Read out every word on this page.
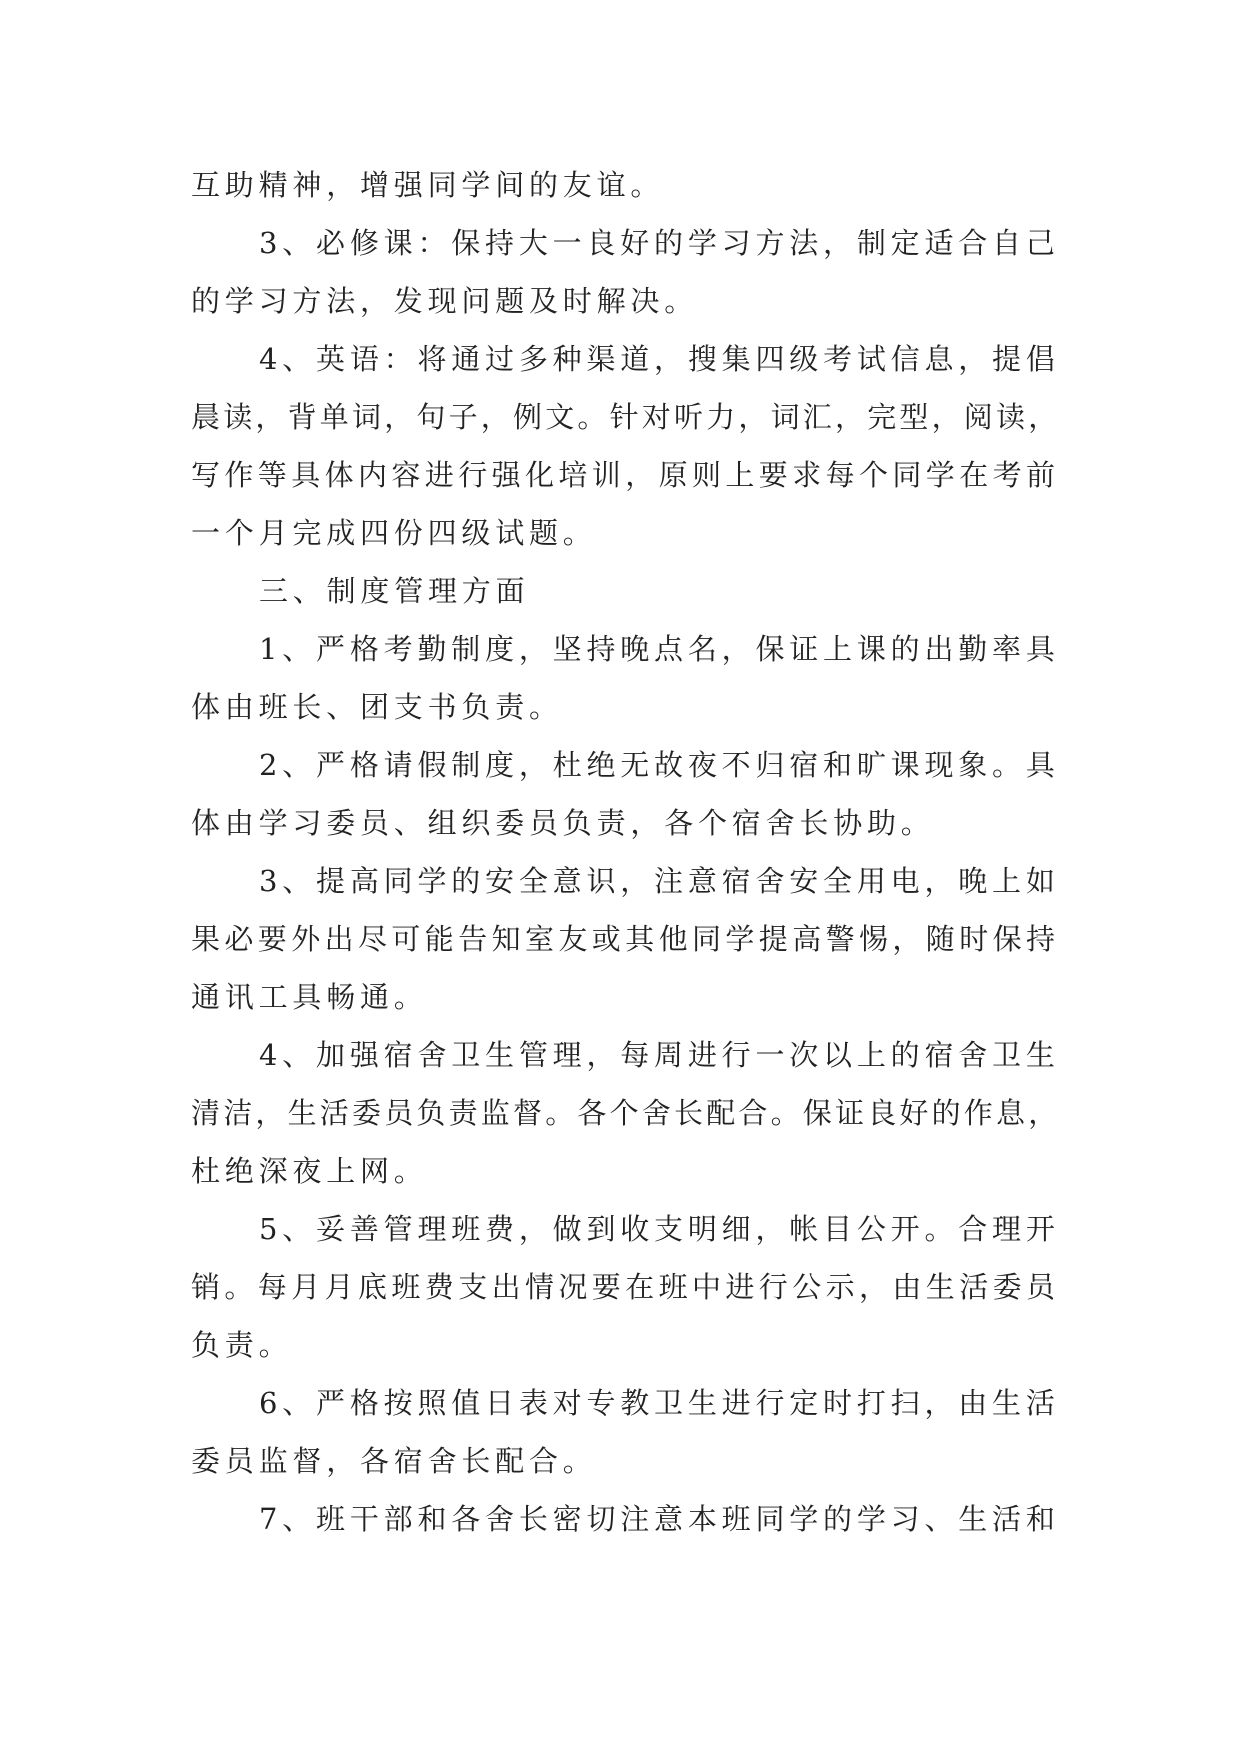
互助精神，增强同学间的友谊。
3、必修课：保持大一良好的学习方法，制定适合自己
的学习方法，发现问题及时解决。
4、英语：将通过多种渠道，搜集四级考试信息，提倡
晨读，背单词，句子，例文。针对听力，词汇，完型，阅读，
写作等具体内容进行强化培训，原则上要求每个同学在考前
一个月完成四份四级试题。
三、制度管理方面
1、严格考勤制度，坚持晚点名，保证上课的出勤率具
体由班长、团支书负责。
2、严格请假制度，杜绝无故夜不归宿和旷课现象。具
体由学习委员、组织委员负责，各个宿舍长协助。
3、提高同学的安全意识，注意宿舍安全用电，晚上如
果必要外出尽可能告知室友或其他同学提高警惕，随时保持
通讯工具畅通。
4、加强宿舍卫生管理，每周进行一次以上的宿舍卫生
清洁，生活委员负责监督。各个舍长配合。保证良好的作息，
杜绝深夜上网。
5、妥善管理班费，做到收支明细，帐目公开。合理开
销。每月月底班费支出情况要在班中进行公示，由生活委员
负责。
6、严格按照值日表对专教卫生进行定时打扫，由生活
委员监督，各宿舍长配合。
7、班干部和各舍长密切注意本班同学的学习、生活和
